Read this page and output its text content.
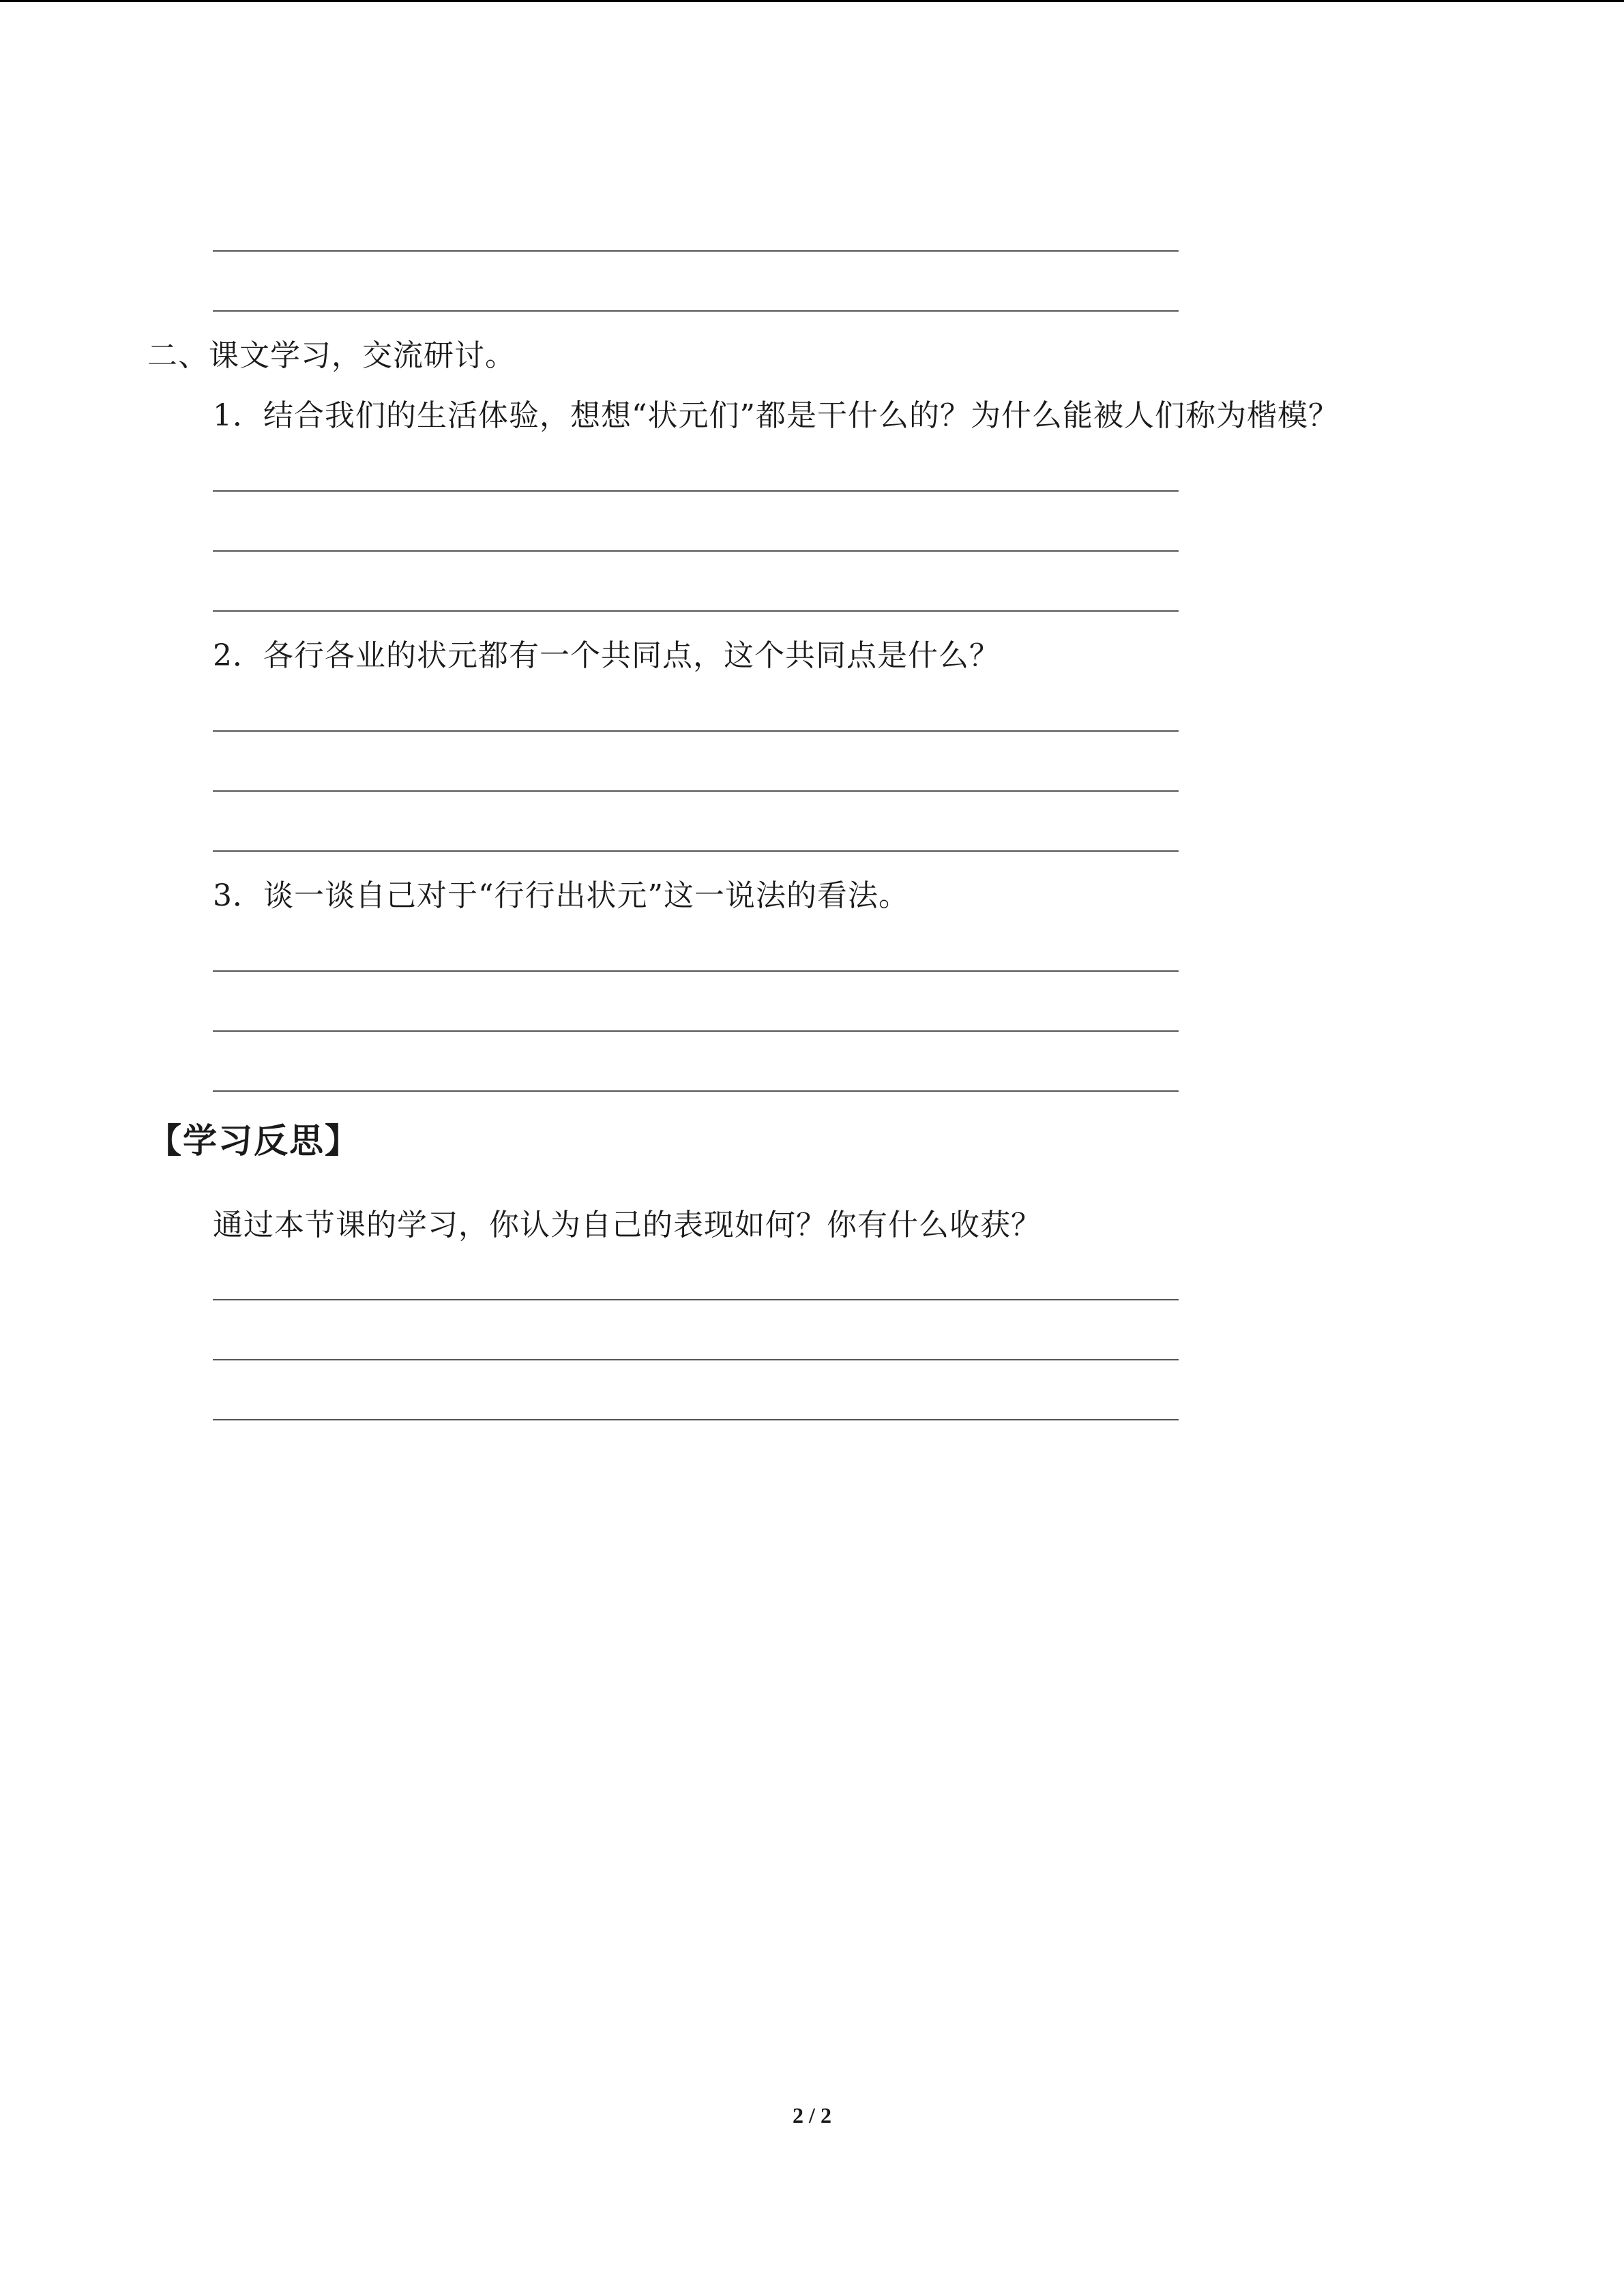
二、课文学习，交流研讨。
1．结合我们的生活体验，想想“状元们”都是干什么的？为什么能被人们称为楷模？
2．各行各业的状元都有一个共同点，这个共同点是什么？
3．谈一谈自己对于“行行出状元”这一说法的看法。
【学习反思】
通过本节课的学习，你认为自己的表现如何？你有什么收获？
2 / 2
